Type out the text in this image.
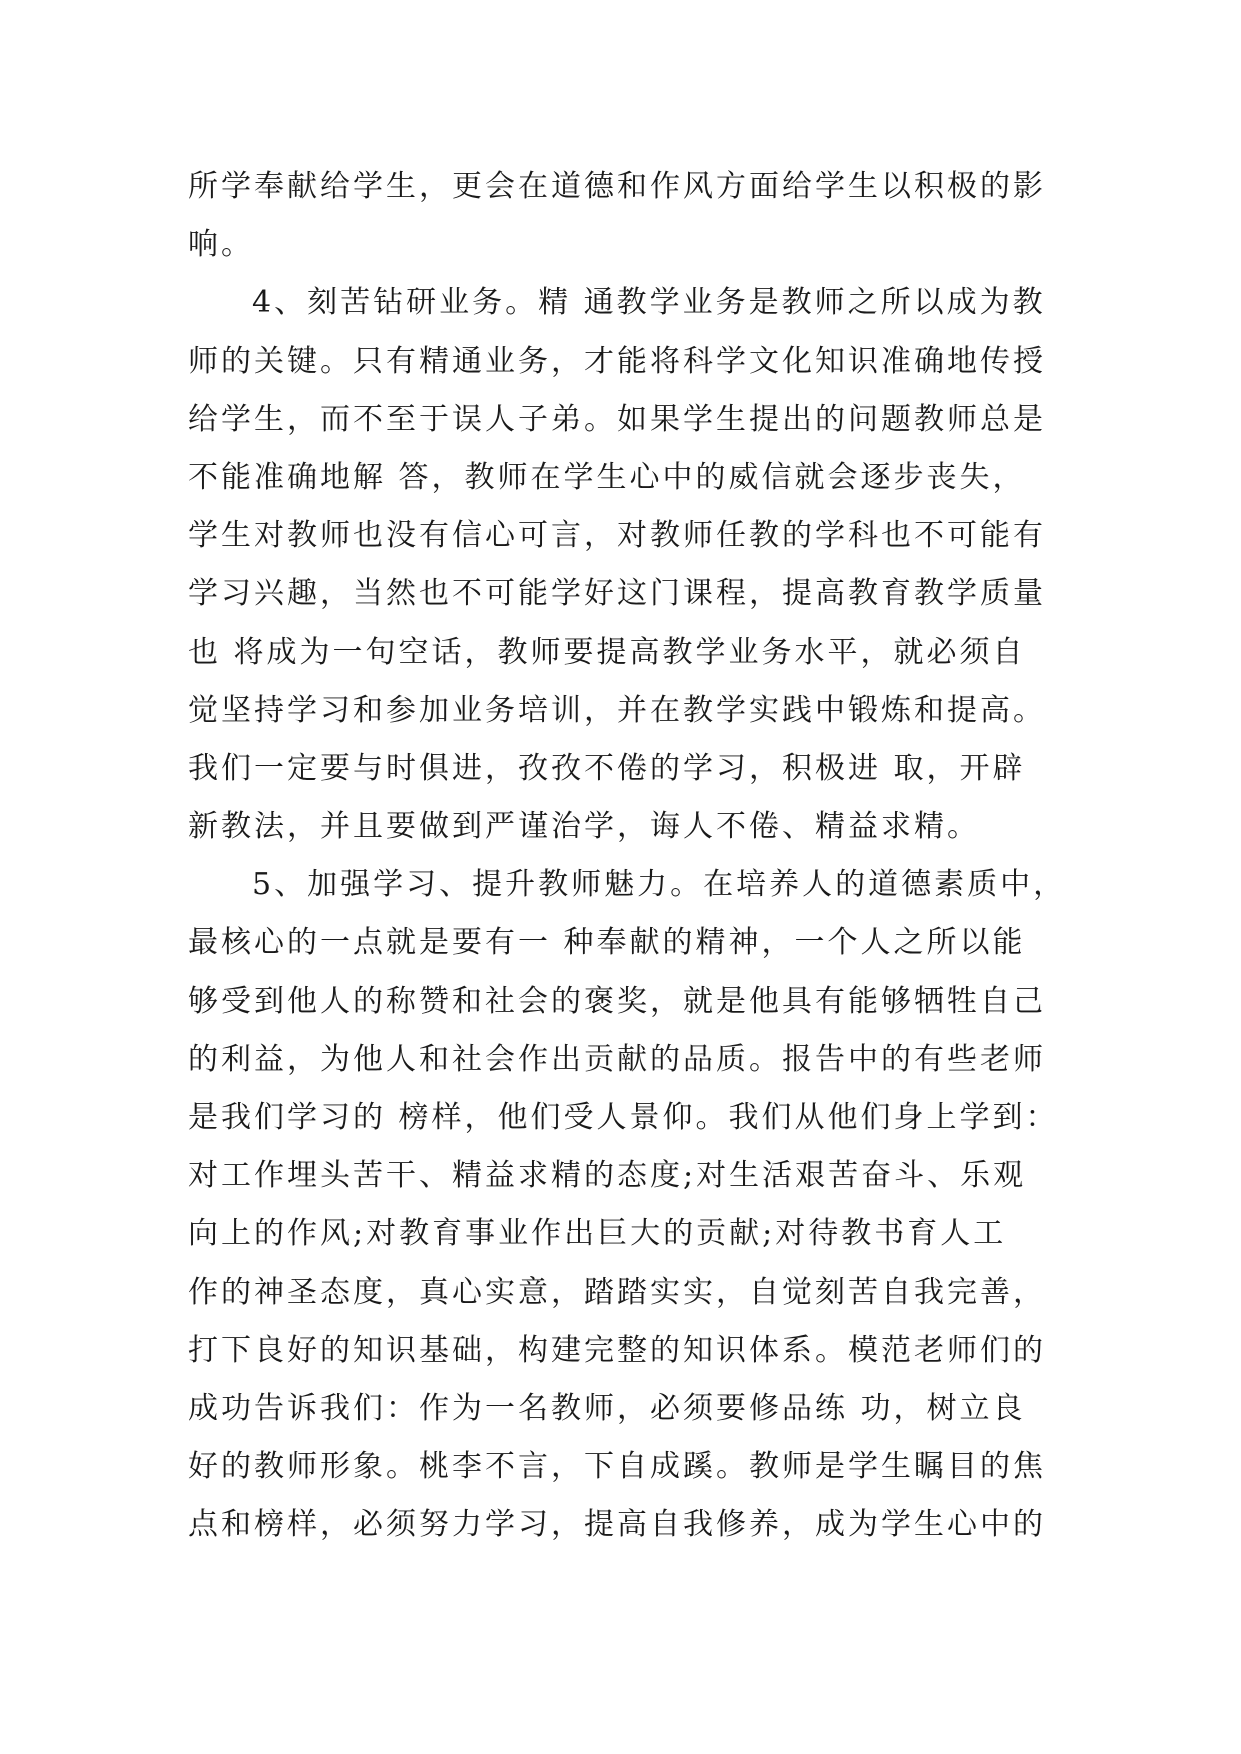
所学奉献给学生，更会在道德和作风方面给学生以积极的影
响。
4、刻苦钻研业务。精 通教学业务是教师之所以成为教
师的关键。只有精通业务，才能将科学文化知识准确地传授
给学生，而不至于误人子弟。如果学生提出的问题教师总是
不能准确地解 答，教师在学生心中的威信就会逐步丧失，
学生对教师也没有信心可言，对教师任教的学科也不可能有
学习兴趣，当然也不可能学好这门课程，提高教育教学质量
也 将成为一句空话，教师要提高教学业务水平，就必须自
觉坚持学习和参加业务培训，并在教学实践中锻炼和提高。
我们一定要与时俱进，孜孜不倦的学习，积极进 取，开辟
新教法，并且要做到严谨治学，诲人不倦、精益求精。
5、加强学习、提升教师魅力。在培养人的道德素质中，
最核心的一点就是要有一 种奉献的精神，一个人之所以能
够受到他人的称赞和社会的褒奖，就是他具有能够牺牲自己
的利益，为他人和社会作出贡献的品质。报告中的有些老师
是我们学习的 榜样，他们受人景仰。我们从他们身上学到：
对工作埋头苦干、精益求精的态度;对生活艰苦奋斗、乐观
向上的作风;对教育事业作出巨大的贡献;对待教书育人工
作的神圣态度，真心实意，踏踏实实，自觉刻苦自我完善，
打下良好的知识基础，构建完整的知识体系。模范老师们的
成功告诉我们：作为一名教师，必须要修品练 功，树立良
好的教师形象。桃李不言，下自成蹊。教师是学生瞩目的焦
点和榜样，必须努力学习，提高自我修养，成为学生心中的
